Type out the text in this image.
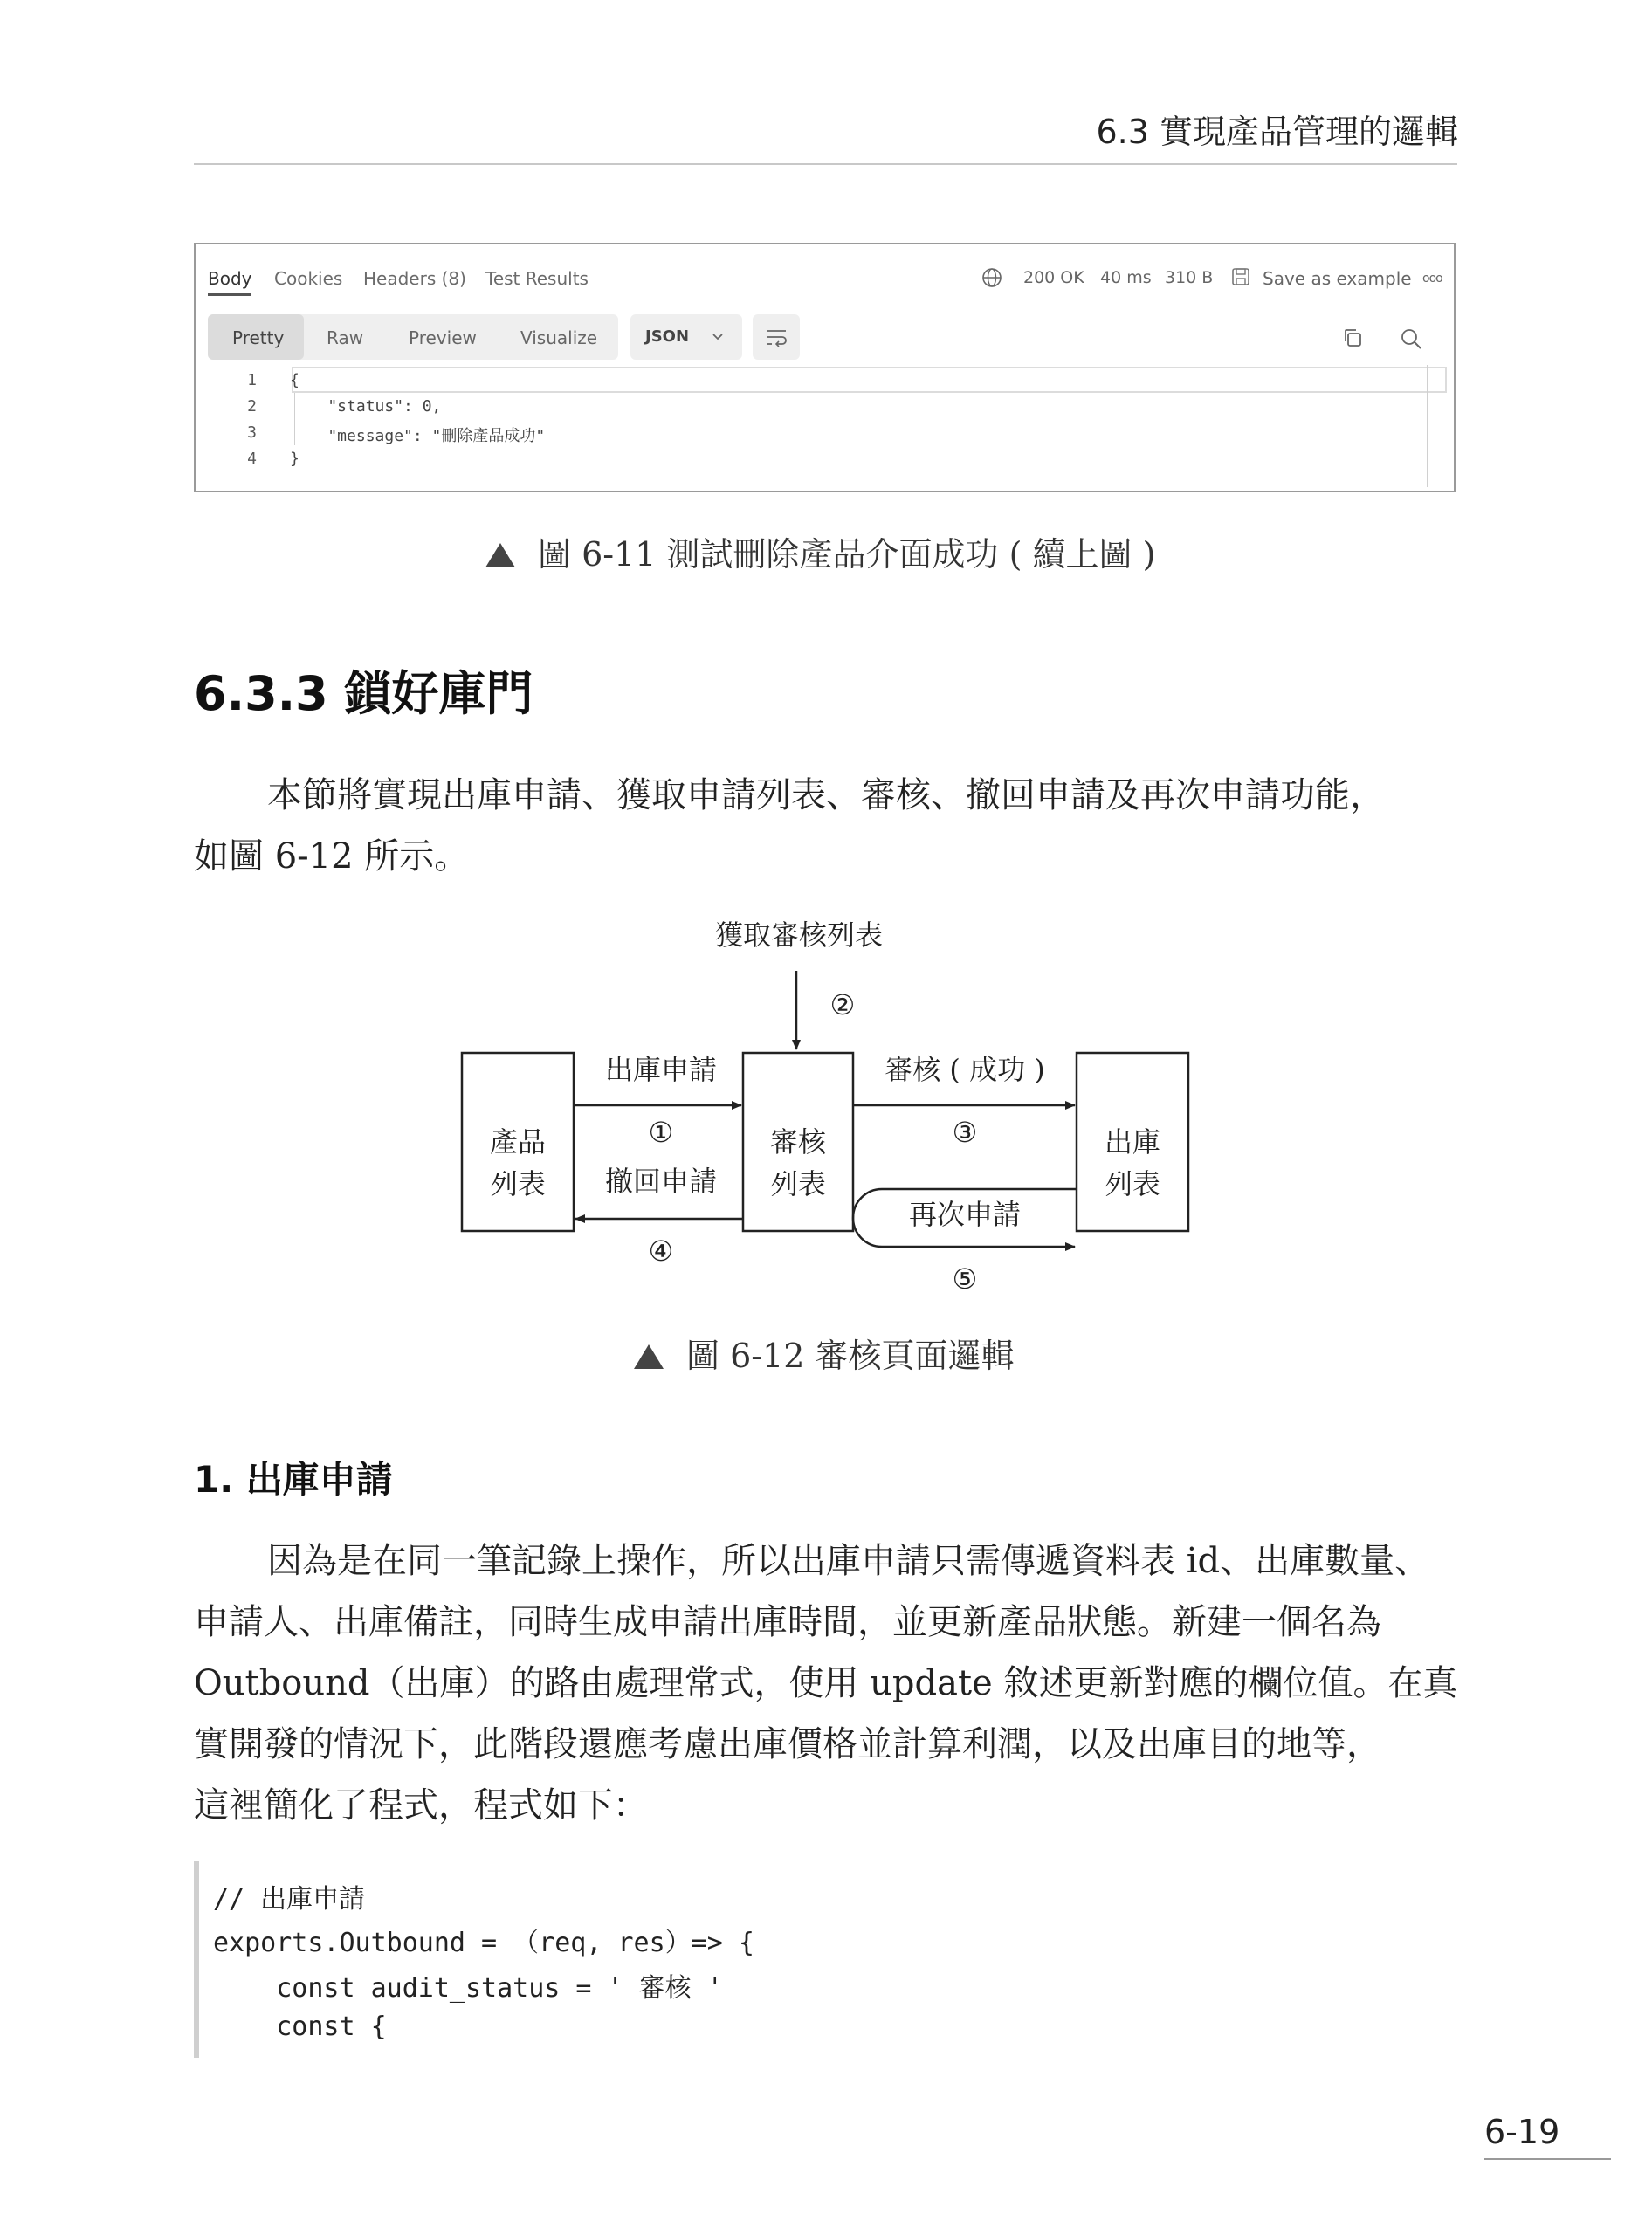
6.3 實現產品管理的邏輯
Body Cookies Headers (8) Test Results	200 OK 40 ms 310 B	Save as example ooo
Pretty Raw	Preview	Visualize	JSON
1 {
2 "status": 0,
3 "message": "刪除產品成功"
4 }
圖 6-11 測試刪除產品介面成功 ( 續上圖 )
6.3.3 鎖好庫門
本節將實現出庫申請、獲取申請列表、審核、撤回申請及再次申請功能，
如圖 6-12 所示。
獲取審核列表
②
產品
列表
審核
列表
出庫
列表
出庫申請
①
撤回申請
④
審核 ( 成功 )
③
再次申請
⑤
圖 6-12 審核頁面邏輯
1. 出庫申請
因為是在同一筆記錄上操作，所以出庫申請只需傳遞資料表 id、出庫數量、
申請人、出庫備註，同時生成申請出庫時間，並更新產品狀態。新建一個名為
Outbound（出庫）的路由處理常式，使用 update 敘述更新對應的欄位值。在真
實開發的情況下，此階段還應考慮出庫價格並計算利潤，以及出庫目的地等，
這裡簡化了程式，程式如下：
// 出庫申請
exports.Outbound = （req, res）=> {
const audit_status = ' 審核 '
const {
6-19
